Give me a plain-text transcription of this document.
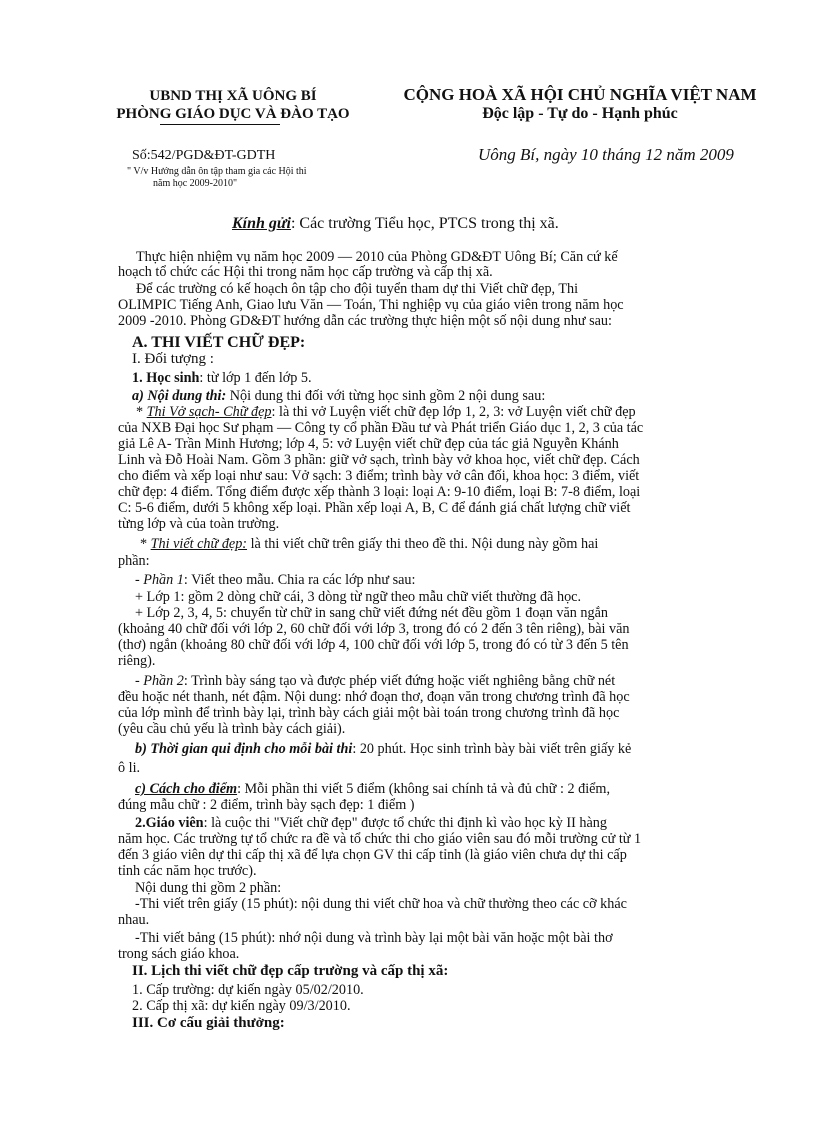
UBND THỊ XÃ UÔNG BÍ
PHÒNG GIÁO DỤC VÀ ĐÀO TẠO
CỘNG HOÀ XÃ HỘI CHỦ NGHĨA VIỆT NAM
Độc lập - Tự do - Hạnh phúc
Số:542/PGD&ĐT-GDTH
" V/v Hướng dẫn ôn tập tham gia các Hội thi
năm học 2009-2010"
Uông Bí, ngày 10 tháng 12 năm 2009
Kính gửi: Các trường Tiểu học, PTCS trong thị xã.
Thực hiện nhiệm vụ năm học 2009 — 2010 của Phòng GD&ĐT Uông Bí; Căn cứ kế
hoạch tổ chức các Hội thi trong năm học cấp trường và cấp thị xã.
Để các trường có kế hoạch ôn tập cho đội tuyển tham dự thi Viết chữ đẹp, Thi
OLIMPIC Tiếng Anh, Giao lưu Văn — Toán, Thi nghiệp vụ của giáo viên trong năm học
2009 -2010. Phòng GD&ĐT hướng dẫn các trường thực hiện một số nội dung như sau:
A. THI VIẾT CHỮ ĐẸP:
I. Đối tượng :
1. Học sinh: từ lớp 1 đến lớp 5.
a) Nội dung thi: Nội dung thi đối với từng học sinh gồm 2 nội dung sau:
* Thi Vở sạch- Chữ đẹp: là thi vở Luyện viết chữ đẹp lớp 1, 2, 3: vở Luyện viết chữ đẹp
của NXB Đại học Sư phạm — Công ty cổ phần Đầu tư và Phát triển Giáo dục 1, 2, 3 của tác
giả Lê A- Trần Minh Hương; lớp 4, 5: vở Luyện viết chữ đẹp của tác giả Nguyễn Khánh
Linh và Đỗ Hoài Nam. Gồm 3 phần: giữ vở sạch, trình bày vở khoa học, viết chữ đẹp. Cách
cho điểm và xếp loại như sau: Vở sạch: 3 điểm; trình bày vở cân đối, khoa học: 3 điểm, viết
chữ đẹp: 4 điểm. Tổng điểm được xếp thành 3 loại: loại A: 9-10 điểm, loại B: 7-8 điểm, loại
C: 5-6 điểm, dưới 5 không xếp loại. Phần xếp loại A, B, C để đánh giá chất lượng chữ viết
từng lớp và của toàn trường.
* Thi viết chữ đẹp: là thi viết chữ trên giấy thi theo đề thi. Nội dung này gồm hai
phần:
- Phần 1: Viết theo mẫu. Chia ra các lớp như sau:
+ Lớp 1: gồm 2 dòng chữ cái, 3 dòng từ ngữ theo mẫu chữ viết thường đã học.
+ Lớp 2, 3, 4, 5: chuyển từ chữ in sang chữ viết đứng nét đều gồm 1 đoạn văn ngắn
(khoảng 40 chữ đối với lớp 2, 60 chữ đối với lớp 3, trong đó có 2 đến 3 tên riêng), bài văn
(thơ) ngắn (khoảng 80 chữ đối với lớp 4, 100 chữ đối với lớp 5, trong đó có từ 3 đến 5 tên
riêng).
- Phần 2: Trình bày sáng tạo và được phép viết đứng hoặc viết nghiêng bằng chữ nét
đều hoặc nét thanh, nét đậm. Nội dung: nhớ đoạn thơ, đoạn văn trong chương trình đã học
của lớp mình để trình bày lại, trình bày cách giải một bài toán trong chương trình đã học
(yêu cầu chủ yếu là trình bày cách giải).
b) Thời gian qui định cho mỗi bài thi: 20 phút. Học sinh trình bày bài viết trên giấy kẻ
ô li.
c) Cách cho điểm: Mỗi phần thi viết 5 điểm (không sai chính tả và đủ chữ : 2 điểm,
đúng mẫu chữ : 2 điểm, trình bày sạch đẹp: 1 điểm )
2.Giáo viên: là cuộc thi "Viết chữ đẹp" được tổ chức thi định kì vào học kỳ II hàng
năm học. Các trường tự tổ chức ra đề và tổ chức thi cho giáo viên sau đó mỗi trường cử từ 1
đến 3 giáo viên dự thi cấp thị xã để lựa chọn GV thi cấp tỉnh (là giáo viên chưa dự thi cấp
tỉnh các năm học trước).
Nội dung thi gồm 2 phần:
-Thi viết trên giấy (15 phút): nội dung thi viết chữ hoa và chữ thường theo các cỡ khác
nhau.
-Thi viết bảng (15 phút): nhớ nội dung và trình bày lại một bài văn hoặc một bài thơ
trong sách giáo khoa.
II. Lịch thi viết chữ đẹp cấp trường và cấp thị xã:
1. Cấp trường: dự kiến ngày 05/02/2010.
2. Cấp thị xã: dự kiến ngày 09/3/2010.
III. Cơ cấu giải thưởng:
